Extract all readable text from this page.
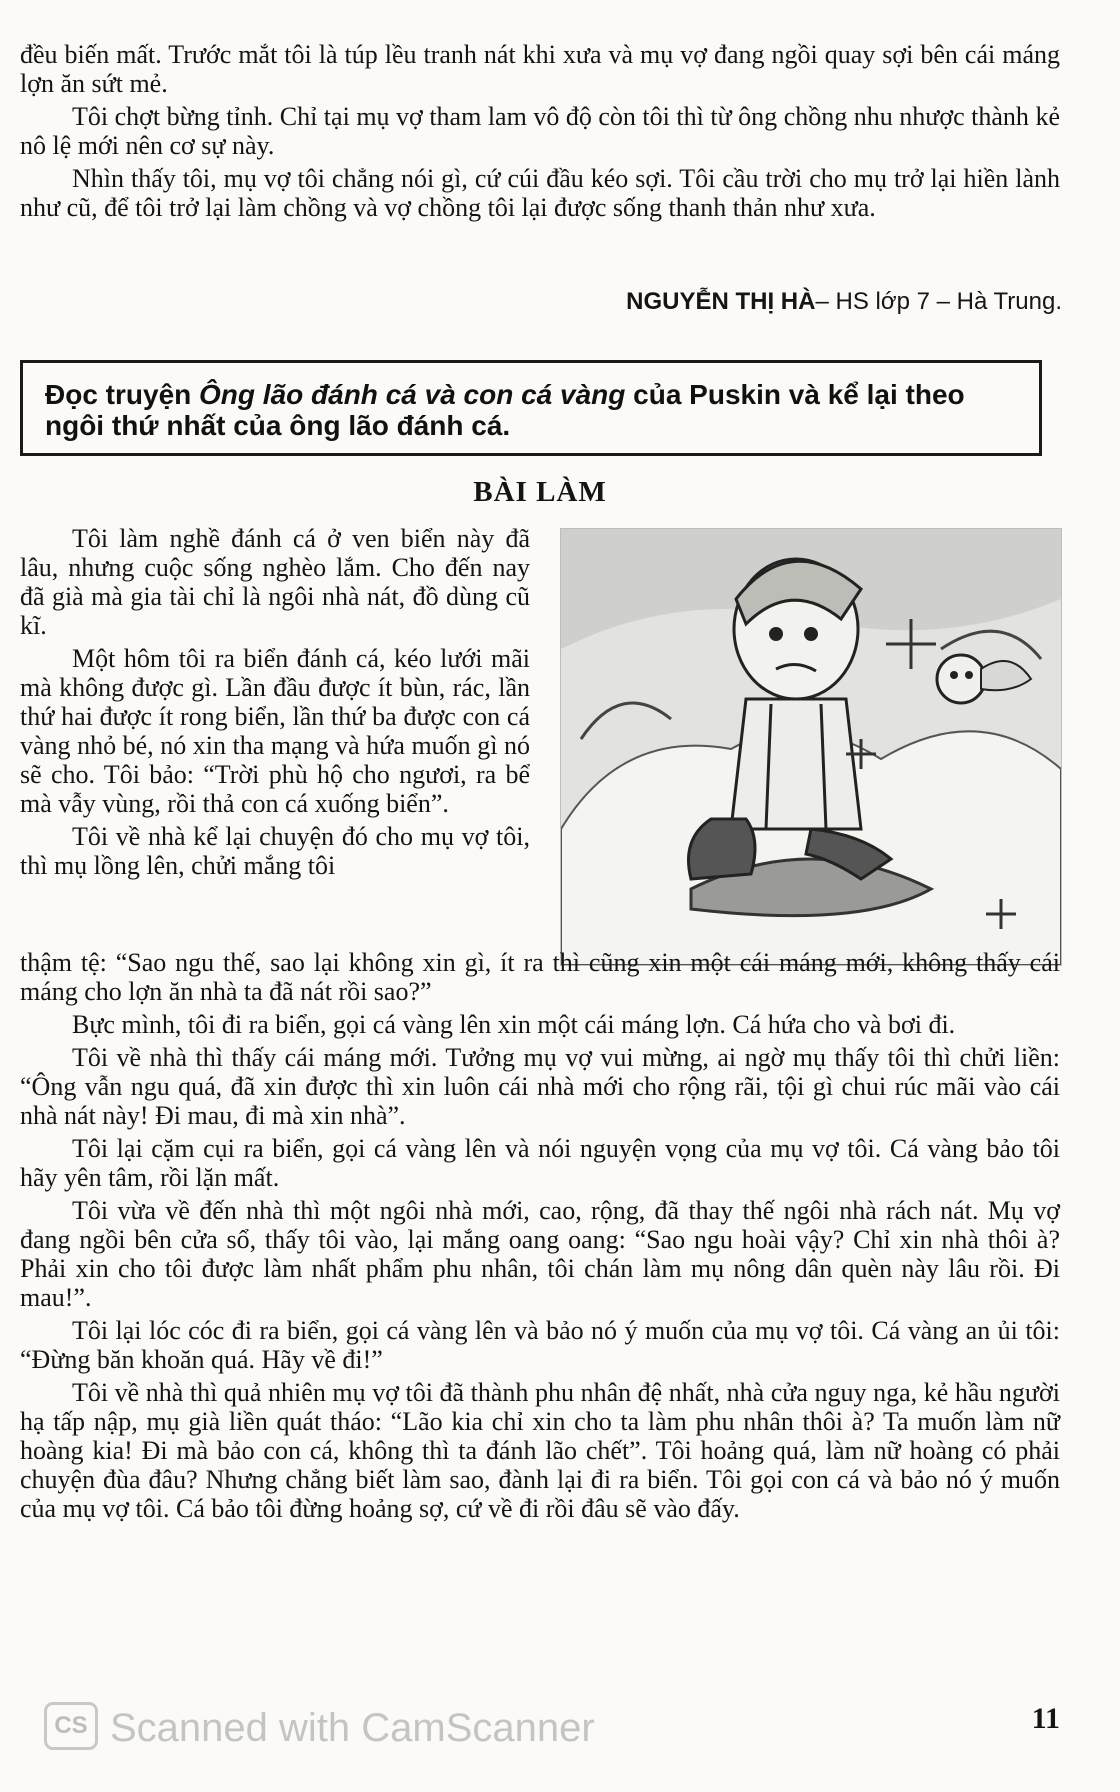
đều biến mất. Trước mắt tôi là túp lều tranh nát khi xưa và mụ vợ đang ngồi quay sợi bên cái máng lợn ăn sứt mẻ.

Tôi chợt bừng tỉnh. Chỉ tại mụ vợ tham lam vô độ còn tôi thì từ ông chồng nhu nhược thành kẻ nô lệ mới nên cơ sự này.

Nhìn thấy tôi, mụ vợ tôi chẳng nói gì, cứ cúi đầu kéo sợi. Tôi cầu trời cho mụ trở lại hiền lành như cũ, để tôi trở lại làm chồng và vợ chồng tôi lại được sống thanh thản như xưa.

NGUYỄN THỊ HÀ– HS lớp 7 – Hà Trung.
Đọc truyện Ông lão đánh cá và con cá vàng của Puskin và kể lại theo ngôi thứ nhất của ông lão đánh cá.
BÀI LÀM

Tôi làm nghề đánh cá ở ven biển này đã lâu, nhưng cuộc sống nghèo lắm. Cho đến nay đã già mà gia tài chỉ là ngôi nhà nát, đồ dùng cũ kĩ.

Một hôm tôi ra biển đánh cá, kéo lưới mãi mà không được gì. Lần đầu được ít bùn, rác, lần thứ hai được ít rong biển, lần thứ ba được con cá vàng nhỏ bé, nó xin tha mạng và hứa muốn gì nó sẽ cho. Tôi bảo: “Trời phù hộ cho ngươi, ra bể mà vẫy vùng, rồi thả con cá xuống biển”.

Tôi về nhà kể lại chuyện đó cho mụ vợ tôi, thì mụ lồng lên, chửi mắng tôi

thậm tệ: “Sao ngu thế, sao lại không xin gì, ít ra thì cũng xin một cái máng mới, không thấy cái máng cho lợn ăn nhà ta đã nát rồi sao?”

Bực mình, tôi đi ra biển, gọi cá vàng lên xin một cái máng lợn. Cá hứa cho và bơi đi.

Tôi về nhà thì thấy cái máng mới. Tưởng mụ vợ vui mừng, ai ngờ mụ thấy tôi thì chửi liền: “Ông vẫn ngu quá, đã xin được thì xin luôn cái nhà mới cho rộng rãi, tội gì chui rúc mãi vào cái nhà nát này! Đi mau, đi mà xin nhà”.

Tôi lại cặm cụi ra biển, gọi cá vàng lên và nói nguyện vọng của mụ vợ tôi. Cá vàng bảo tôi hãy yên tâm, rồi lặn mất.

Tôi vừa về đến nhà thì một ngôi nhà mới, cao, rộng, đã thay thế ngôi nhà rách nát. Mụ vợ đang ngồi bên cửa sổ, thấy tôi vào, lại mắng oang oang: “Sao ngu hoài vậy? Chỉ xin nhà thôi à? Phải xin cho tôi được làm nhất phẩm phu nhân, tôi chán làm mụ nông dân quèn này lâu rồi. Đi mau!”.

Tôi lại lóc cóc đi ra biển, gọi cá vàng lên và bảo nó ý muốn của mụ vợ tôi. Cá vàng an ủi tôi: “Đừng băn khoăn quá. Hãy về đi!”

Tôi về nhà thì quả nhiên mụ vợ tôi đã thành phu nhân đệ nhất, nhà cửa nguy nga, kẻ hầu người hạ tấp nập, mụ già liền quát tháo: “Lão kia chỉ xin cho ta làm phu nhân thôi à? Ta muốn làm nữ hoàng kia! Đi mà bảo con cá, không thì ta đánh lão chết”. Tôi hoảng quá, làm nữ hoàng có phải chuyện đùa đâu? Nhưng chẳng biết làm sao, đành lại đi ra biển. Tôi gọi con cá và bảo nó ý muốn của mụ vợ tôi. Cá bảo tôi đừng hoảng sợ, cứ về đi rồi đâu sẽ vào đấy.

CS Scanned with CamScanner	11
